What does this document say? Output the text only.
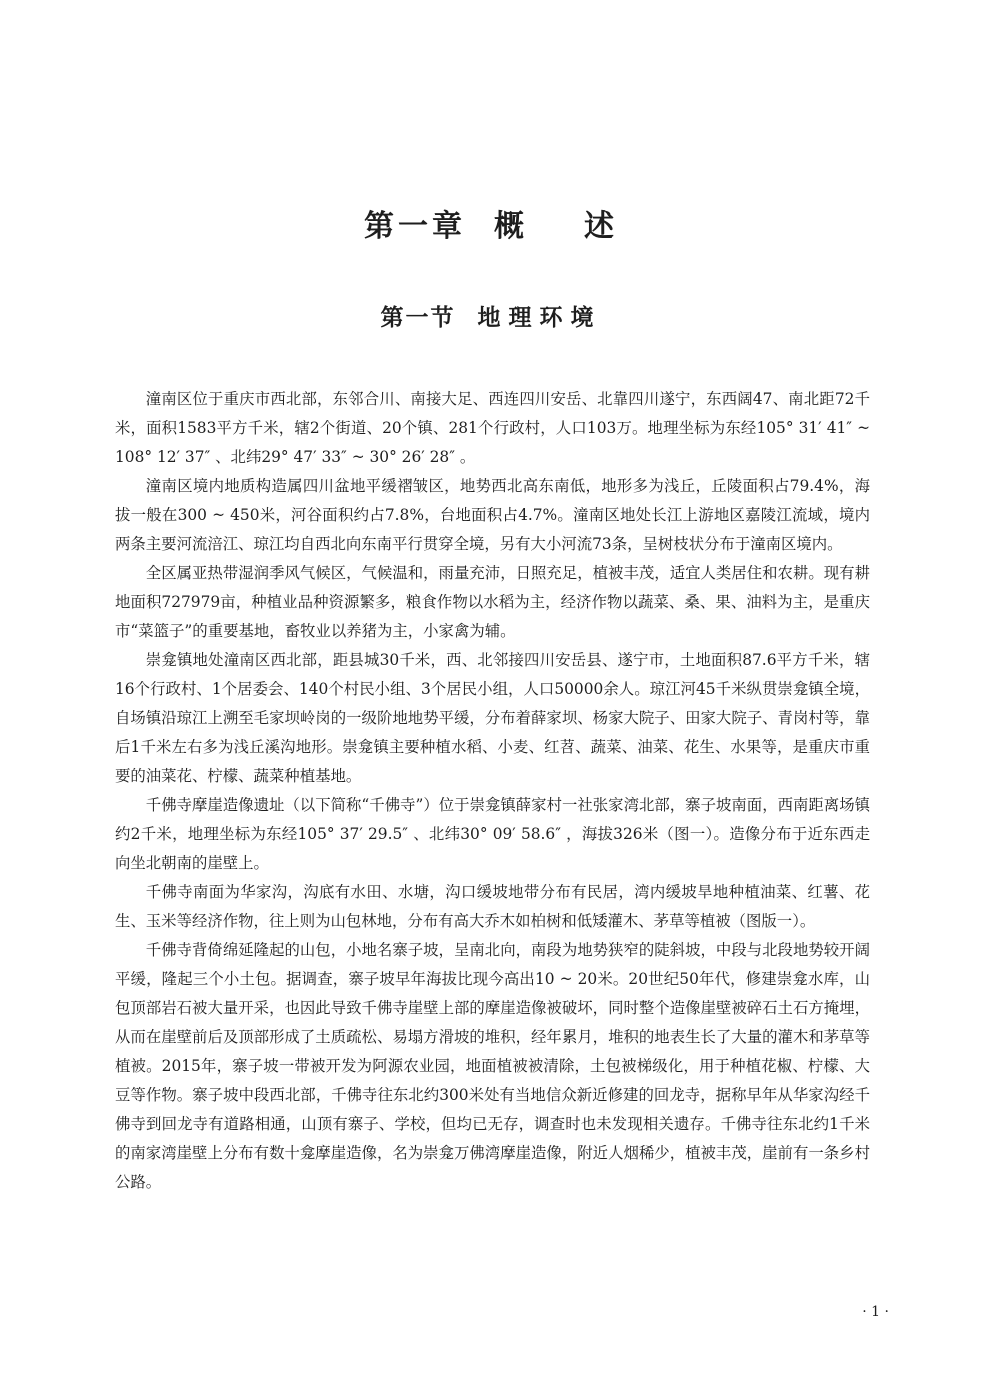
第一章 概 述
第一节 地理环境

潼南区位于重庆市西北部，东邻合川、南接大足、西连四川安岳、北靠四川遂宁，东西阔47、南北距72千米，面积1583平方千米，辖2个街道、20个镇、281个行政村，人口103万。地理坐标为东经105° 31′ 41″ ~ 108° 12′ 37″ 、北纬29° 47′ 33″ ~ 30° 26′ 28″ 。

潼南区境内地质构造属四川盆地平缓褶皱区，地势西北高东南低，地形多为浅丘，丘陵面积占79.4%，海拔一般在300 ~ 450米，河谷面积约占7.8%，台地面积占4.7%。潼南区地处长江上游地区嘉陵江流域，境内两条主要河流涪江、琼江均自西北向东南平行贯穿全境，另有大小河流73条，呈树枝状分布于潼南区境内。

全区属亚热带湿润季风气候区，气候温和，雨量充沛，日照充足，植被丰茂，适宜人类居住和农耕。现有耕地面积727979亩，种植业品种资源繁多，粮食作物以水稻为主，经济作物以蔬菜、桑、果、油料为主，是重庆市“菜篮子”的重要基地，畜牧业以养猪为主，小家禽为辅。

崇龛镇地处潼南区西北部，距县城30千米，西、北邻接四川安岳县、遂宁市，土地面积87.6平方千米，辖16个行政村、1个居委会、140个村民小组、3个居民小组，人口50000余人。琼江河45千米纵贯崇龛镇全境，自场镇沿琼江上溯至毛家坝岭岗的一级阶地地势平缓，分布着薛家坝、杨家大院子、田家大院子、青岗村等，靠后1千米左右多为浅丘溪沟地形。崇龛镇主要种植水稻、小麦、红苕、蔬菜、油菜、花生、水果等，是重庆市重要的油菜花、柠檬、蔬菜种植基地。

千佛寺摩崖造像遗址（以下简称“千佛寺”）位于崇龛镇薛家村一社张家湾北部，寨子坡南面，西南距离场镇约2千米，地理坐标为东经105° 37′ 29.5″ 、北纬30° 09′ 58.6″ ，海拔326米（图一）。造像分布于近东西走向坐北朝南的崖壁上。

千佛寺南面为华家沟，沟底有水田、水塘，沟口缓坡地带分布有民居，湾内缓坡旱地种植油菜、红薯、花生、玉米等经济作物，往上则为山包林地，分布有高大乔木如柏树和低矮灌木、茅草等植被（图版一）。

千佛寺背倚绵延隆起的山包，小地名寨子坡，呈南北向，南段为地势狭窄的陡斜坡，中段与北段地势较开阔平缓，隆起三个小土包。据调查，寨子坡早年海拔比现今高出10 ~ 20米。20世纪50年代，修建崇龛水库，山包顶部岩石被大量开采，也因此导致千佛寺崖壁上部的摩崖造像被破坏，同时整个造像崖壁被碎石土石方掩埋，从而在崖壁前后及顶部形成了土质疏松、易塌方滑坡的堆积，经年累月，堆积的地表生长了大量的灌木和茅草等植被。2015年，寨子坡一带被开发为阿源农业园，地面植被被清除，土包被梯级化，用于种植花椒、柠檬、大豆等作物。寨子坡中段西北部，千佛寺往东北约300米处有当地信众新近修建的回龙寺，据称早年从华家沟经千佛寺到回龙寺有道路相通，山顶有寨子、学校，但均已无存，调查时也未发现相关遗存。千佛寺往东北约1千米的南家湾崖壁上分布有数十龛摩崖造像，名为崇龛万佛湾摩崖造像，附近人烟稀少，植被丰茂，崖前有一条乡村公路。

· 1 ·
